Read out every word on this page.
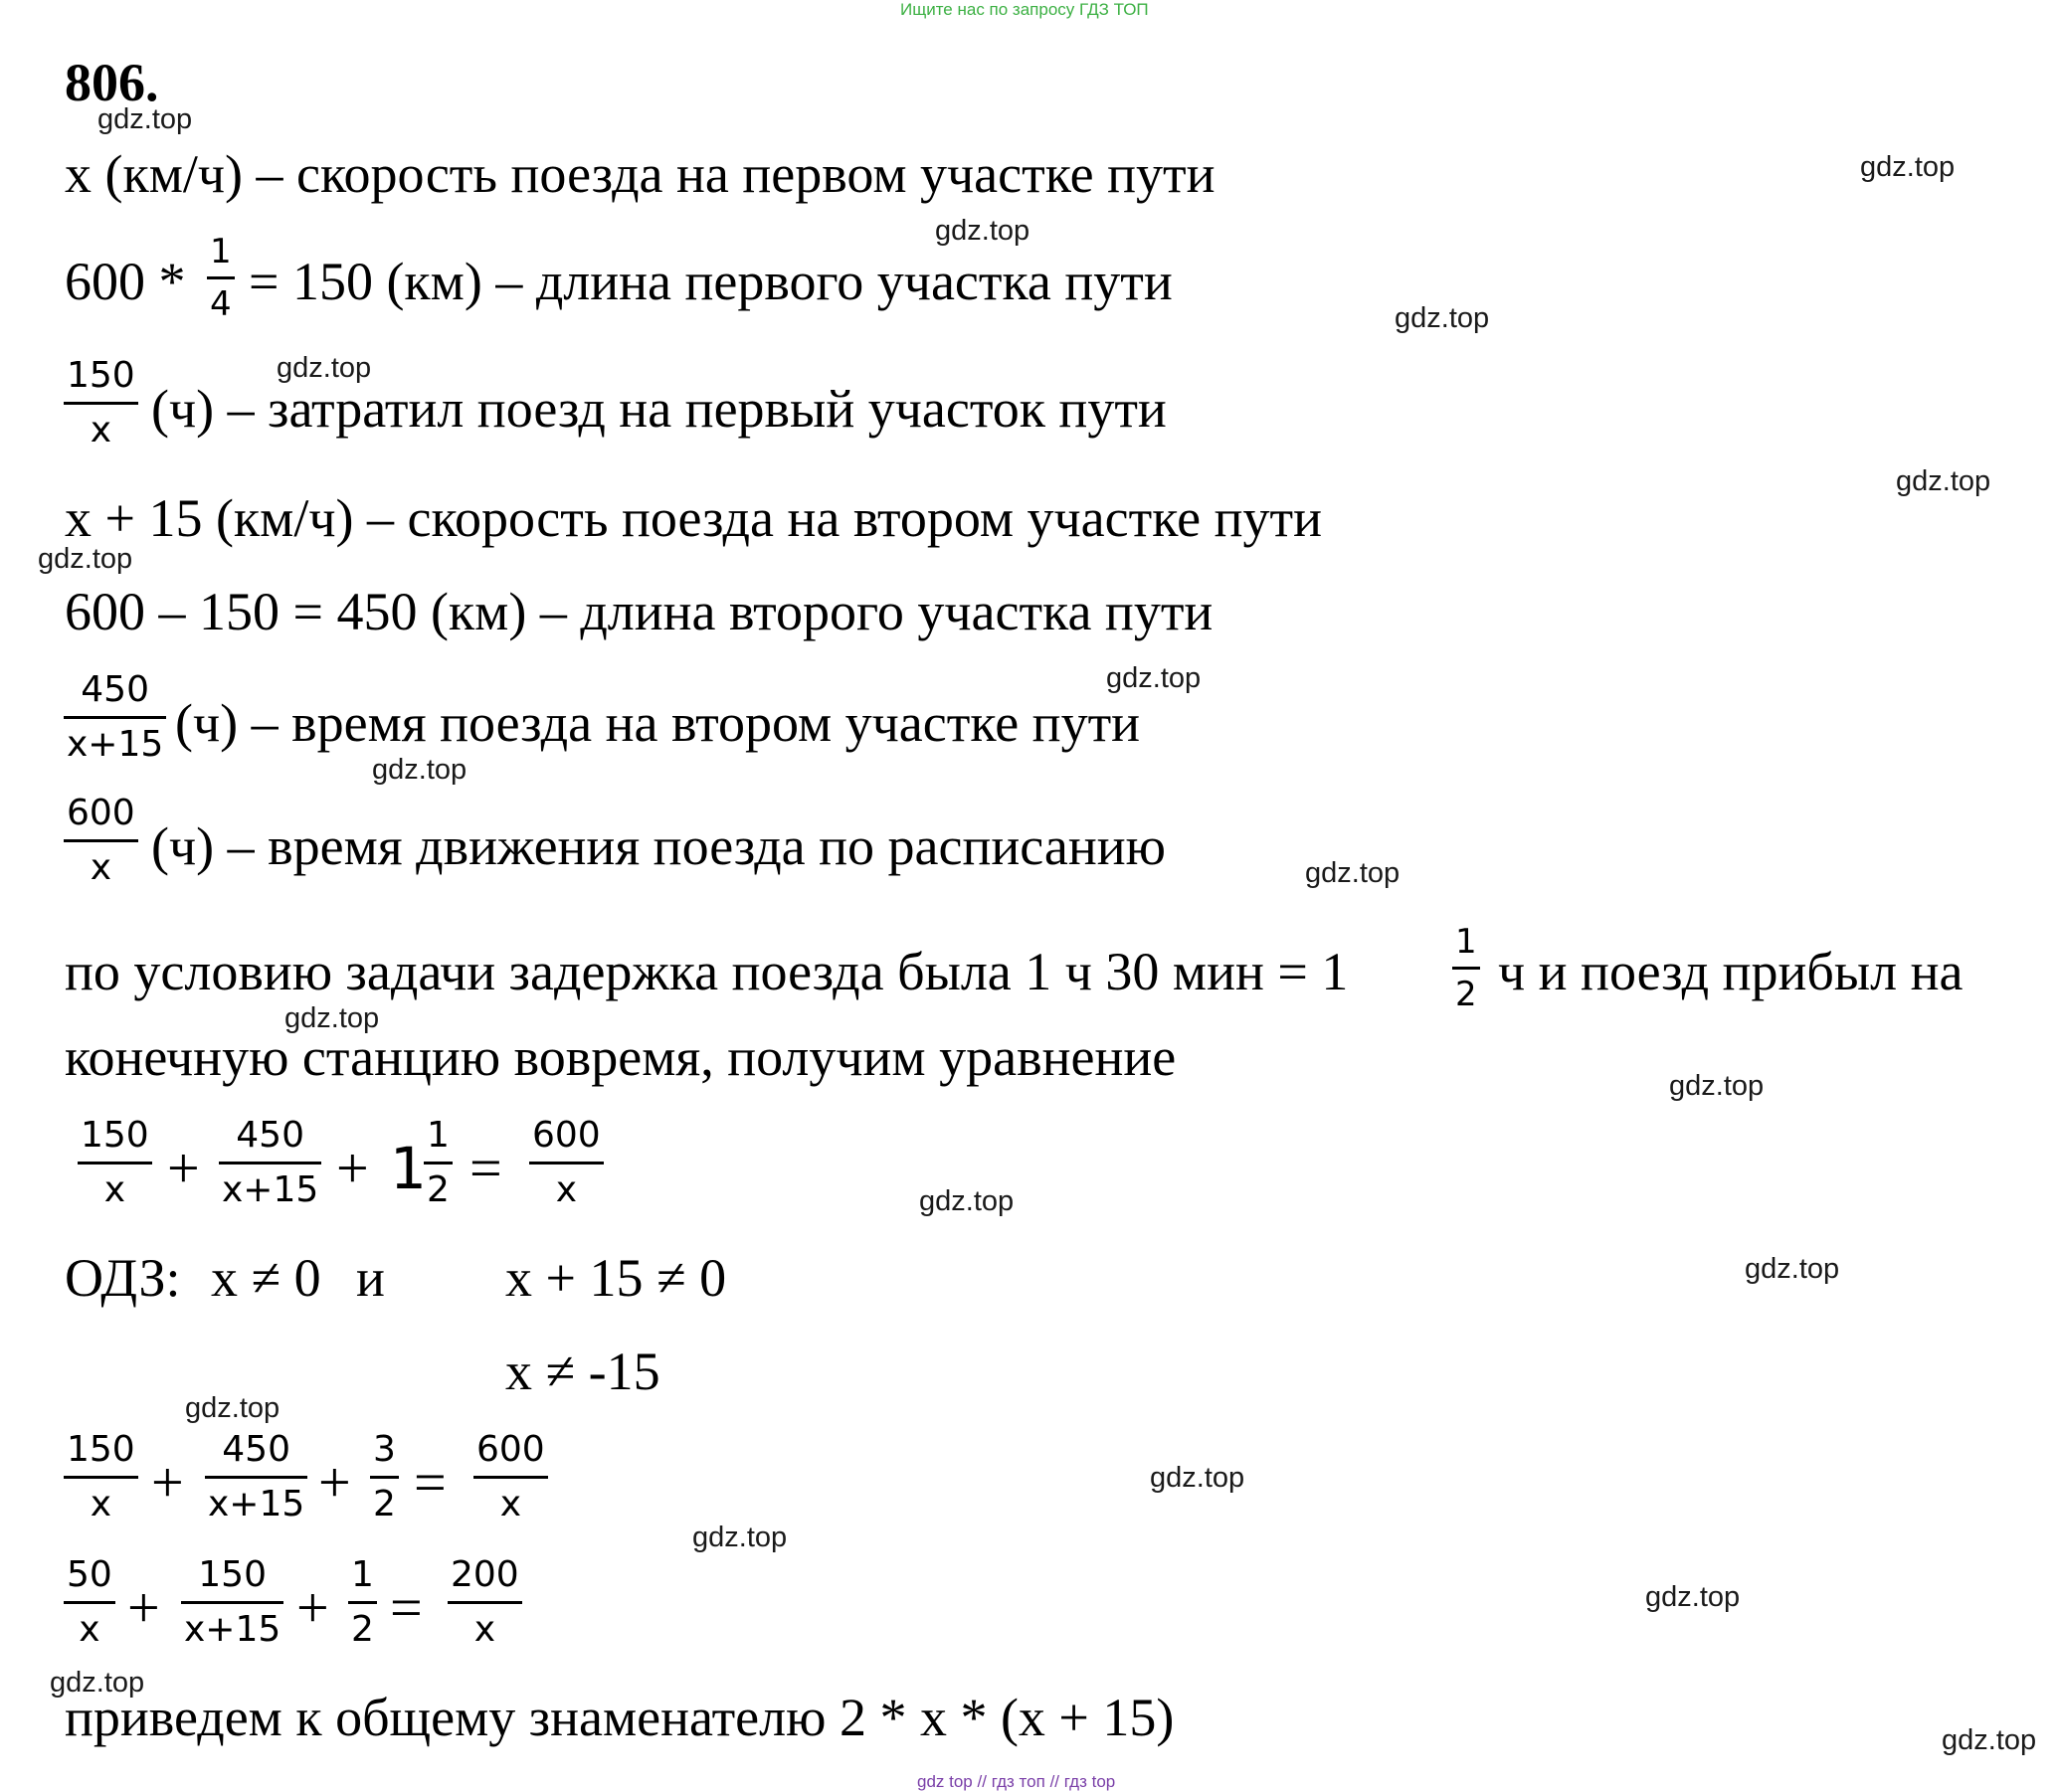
Ищите нас по запросу ГДЗ ТОП
806.
x (км/ч) – скорость поезда на первом участке пути
$600 * \frac{1}{4} = 150$ (км) – длина первого участка пути
$\frac{150}{x} (ч)$ – затратил поезд на первый участок пути
x + 15 (км/ч) – скорость поезда на втором участке пути
600 – 150 = 450 (км) – длина второго участка пути
$\frac{450}{x+15} (ч)$ – время поезда на втором участке пути
$\frac{600}{x} (ч)$ – время движения поезда по расписанию
по условию задачи задержка поезда была 1 ч 30 мин = 1	$\frac{1}{2}$ ч и поезд прибыл на
конечную станцию вовремя, получим уравнение
$\frac{150}{x} + \frac{450}{x+15} + 1$
$\frac{1}{2} = \frac{600}{x}$
ОДЗ: x ≠ 0 и x + 15 ≠ 0
x ≠ -15
$\frac{150}{x} + \frac{450}{x+15} + \frac{3}{2} = \frac{600}{x}$
$\frac{50}{x} + \frac{150}{x+15} + \frac{1}{2} = \frac{200}{x}$
приведем к общему знаменателю 2 * x * (x + 15)
gdz.top
gdz.top
gdz.top
gdz.top
gdz.top
gdz.top
gdz.top
gdz.top
gdz.top
gdz.top
gdz.top
gdz.top
gdz.top
gdz.top
gdz.top
gdz.top
gdz.top
gdz.top
gdz.top
gdz.top
gdz top // гдз топ // гдз top
